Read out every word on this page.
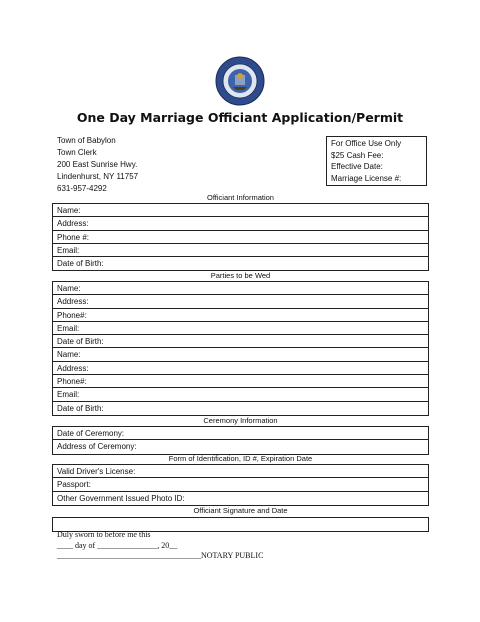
One Day Marriage Officiant Application/Permit
Town of Babylon
Town Clerk
200 East Sunrise Hwy.
Lindenhurst, NY 11757
631-957-4292
For Office Use Only
$25 Cash Fee:
Effective Date:
Marriage License #:
Officiant Information
Name:
Address:
Phone #:
Email:
Date of Birth:
Parties to be Wed
Name:
Address:
Phone#:
Email:
Date of Birth:
Name:
Address:
Phone#:
Email:
Date of Birth:
Ceremony Information
Date of Ceremony:
Address of Ceremony:
Form of Identification, ID #, Expiration Date
Valid Driver's License:
Passport:
Other Government Issued Photo ID:
Officiant Signature and Date
Duly sworn to before me this
____ day of _______________, 20__
____________________________________NOTARY PUBLIC
